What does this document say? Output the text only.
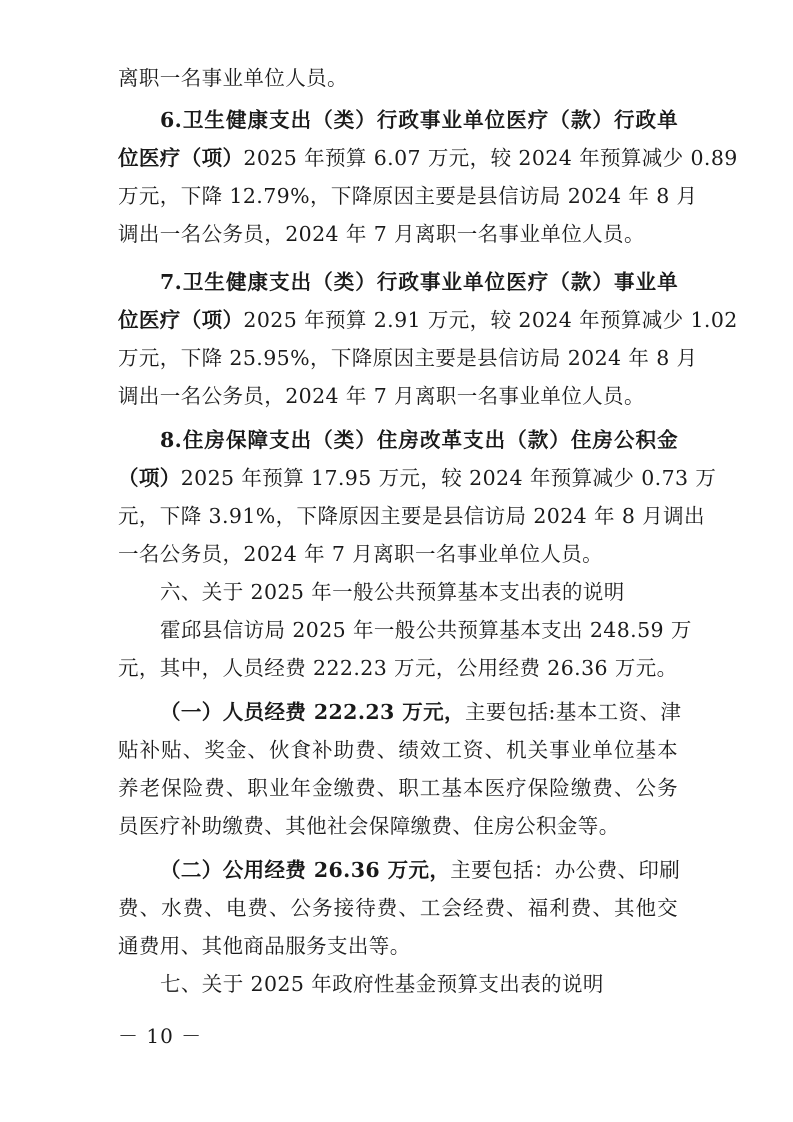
离职一名事业单位人员。
6.卫生健康支出（类）行政事业单位医疗（款）行政单
位医疗（项）2025 年预算 6.07 万元，较 2024 年预算减少 0.89
万元，下降 12.79%，下降原因主要是县信访局 2024 年 8 月
调出一名公务员，2024 年 7 月离职一名事业单位人员。
7.卫生健康支出（类）行政事业单位医疗（款）事业单
位医疗（项）2025 年预算 2.91 万元，较 2024 年预算减少 1.02
万元，下降 25.95%，下降原因主要是县信访局 2024 年 8 月
调出一名公务员，2024 年 7 月离职一名事业单位人员。
8.住房保障支出（类）住房改革支出（款）住房公积金
（项）2025 年预算 17.95 万元，较 2024 年预算减少 0.73 万
元，下降 3.91%，下降原因主要是县信访局 2024 年 8 月调出
一名公务员，2024 年 7 月离职一名事业单位人员。
六、关于 2025 年一般公共预算基本支出表的说明
霍邱县信访局 2025 年一般公共预算基本支出 248.59 万
元，其中，人员经费 222.23 万元，公用经费 26.36 万元。
（一）人员经费 222.23 万元，主要包括:基本工资、津
贴补贴、奖金、伙食补助费、绩效工资、机关事业单位基本
养老保险费、职业年金缴费、职工基本医疗保险缴费、公务
员医疗补助缴费、其他社会保障缴费、住房公积金等。
（二）公用经费 26.36 万元，主要包括：办公费、印刷
费、水费、电费、公务接待费、工会经费、福利费、其他交
通费用、其他商品服务支出等。
－ 10 －
七、关于 2025 年政府性基金预算支出表的说明
